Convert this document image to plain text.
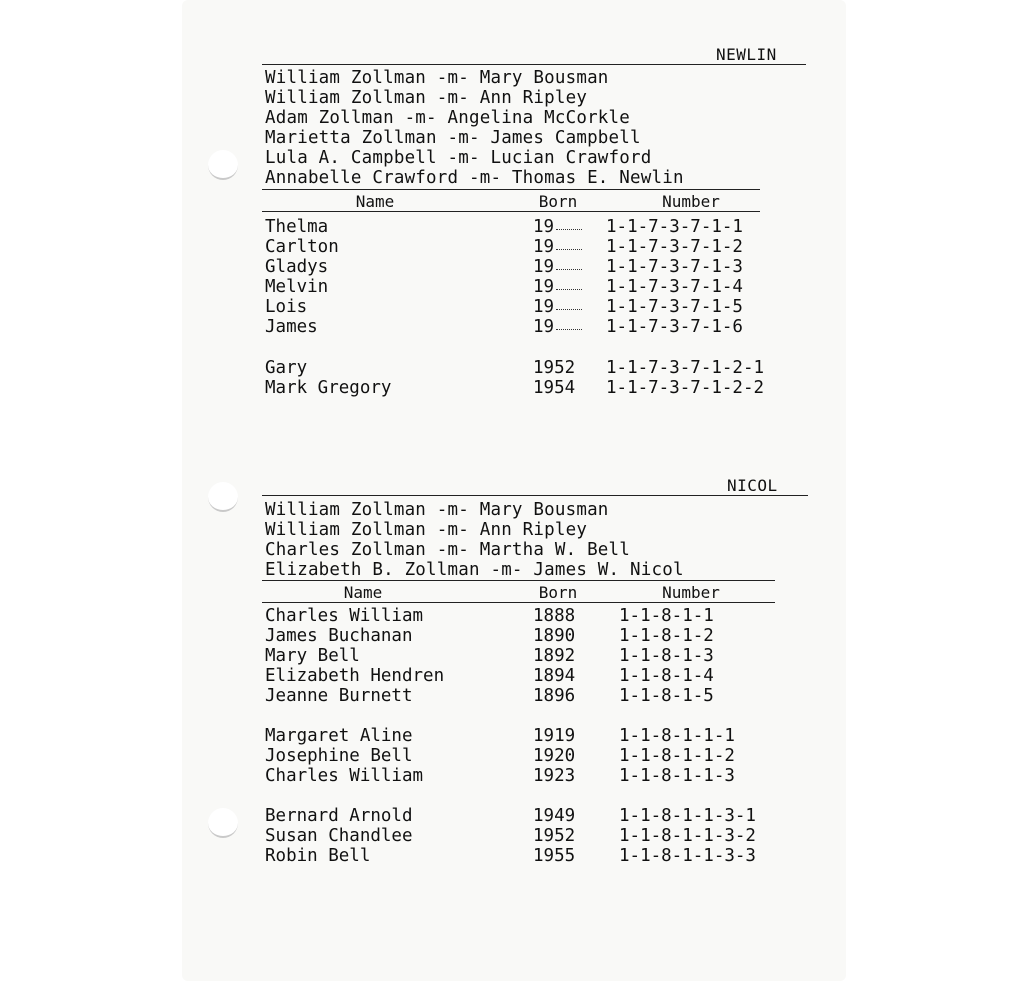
NEWLIN
William Zollman -m- Mary Bousman
William Zollman -m- Ann Ripley
Adam Zollman -m- Angelina McCorkle
Marietta Zollman -m- James Campbell
Lula A. Campbell -m- Lucian Crawford
Annabelle Crawford -m- Thomas E. Newlin
Name	Born	Number
Thelma	19	1-1-7-3-7-1-1
Carlton	19	1-1-7-3-7-1-2
Gladys	19	1-1-7-3-7-1-3
Melvin	19	1-1-7-3-7-1-4
Lois	19	1-1-7-3-7-1-5
James	19	1-1-7-3-7-1-6
Gary	1952 1-1-7-3-7-1-2-1
Mark Gregory	1954 1-1-7-3-7-1-2-2
NICOL
William Zollman -m- Mary Bousman
William Zollman -m- Ann Ripley
Charles Zollman -m- Martha W. Bell
Elizabeth B. Zollman -m- James W. Nicol
Name	Born	Number
Charles William	1888	1-1-8-1-1
James Buchanan	1890	1-1-8-1-2
Mary Bell	1892	1-1-8-1-3
Elizabeth Hendren	1894	1-1-8-1-4
Jeanne Burnett	1896	1-1-8-1-5
Margaret Aline	1919	1-1-8-1-1-1
Josephine Bell	1920	1-1-8-1-1-2
Charles William	1923	1-1-8-1-1-3
Bernard Arnold	1949	1-1-8-1-1-3-1
Susan Chandlee	1952	1-1-8-1-1-3-2
Robin Bell	1955	1-1-8-1-1-3-3
